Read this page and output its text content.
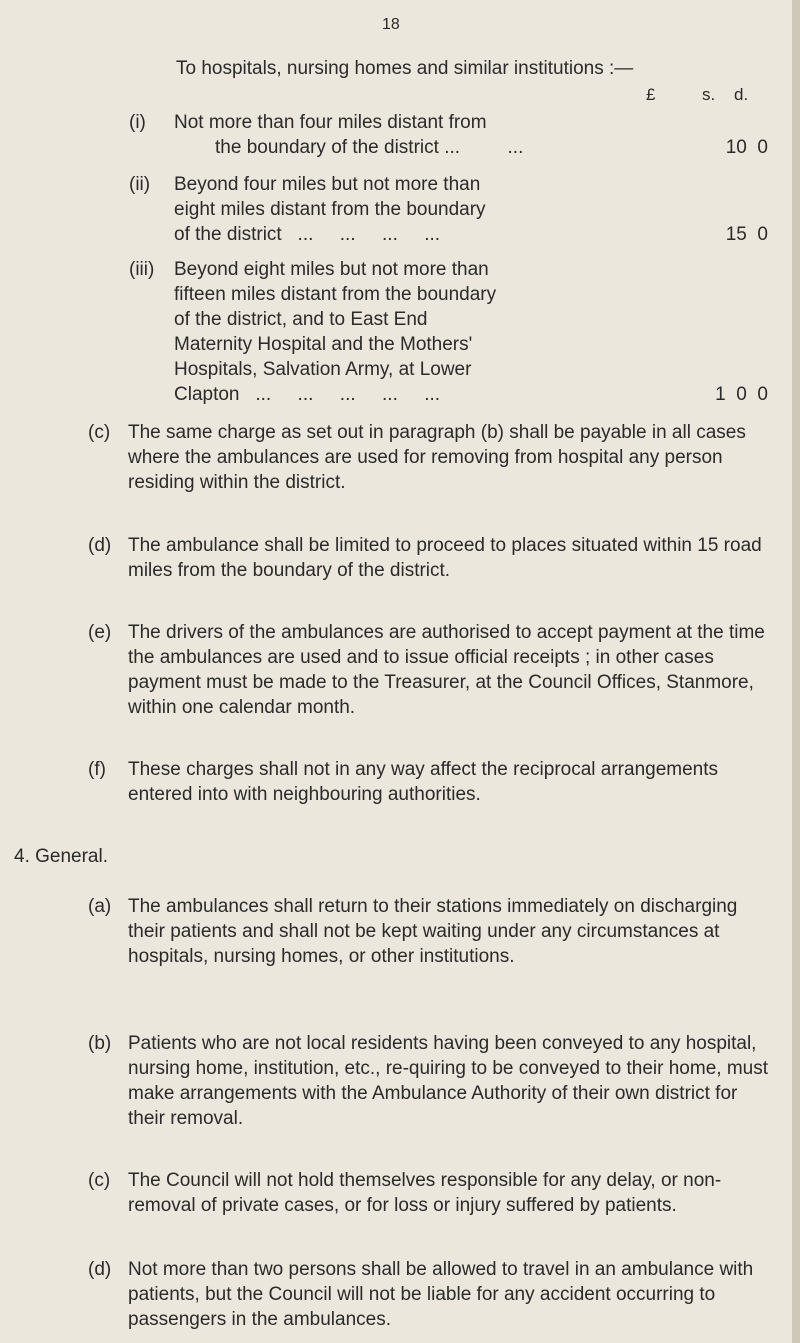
18
To hospitals, nursing homes and similar institutions :—
£	s. d.
(i) Not more than four miles distant from
the boundary of the district ...         ...	10  0
(ii) Beyond four miles but not more than
eight miles distant from the boundary
of the district   ...     ...     ...     ...	15  0
(iii) Beyond eight miles but not more than
fifteen miles distant from the boundary
of the district, and to East End
Maternity Hospital and the Mothers'
Hospitals, Salvation Army, at Lower
Clapton   ...     ...     ...     ...     ...	1  0  0
(c) The same charge as set out in paragraph (b) shall be payable in all cases where the ambulances are used for removing from hospital any person residing within the district.
(d) The ambulance shall be limited to proceed to places situated within 15 road miles from the boundary of the district.
(e) The drivers of the ambulances are authorised to accept payment at the time the ambulances are used and to issue official receipts ; in other cases payment must be made to the Treasurer, at the Council Offices, Stanmore, within one calendar month.
(f) These charges shall not in any way affect the reciprocal arrangements entered into with neighbouring authorities.
4. General.
(a) The ambulances shall return to their stations immediately on discharging their patients and shall not be kept waiting under any circumstances at hospitals, nursing homes, or other institutions.
(b) Patients who are not local residents having been conveyed to any hospital, nursing home, institution, etc., re-quiring to be conveyed to their home, must make arrangements with the Ambulance Authority of their own district for their removal.
(c) The Council will not hold themselves responsible for any delay, or non-removal of private cases, or for loss or injury suffered by patients.
(d) Not more than two persons shall be allowed to travel in an ambulance with patients, but the Council will not be liable for any accident occurring to passengers in the ambulances.
